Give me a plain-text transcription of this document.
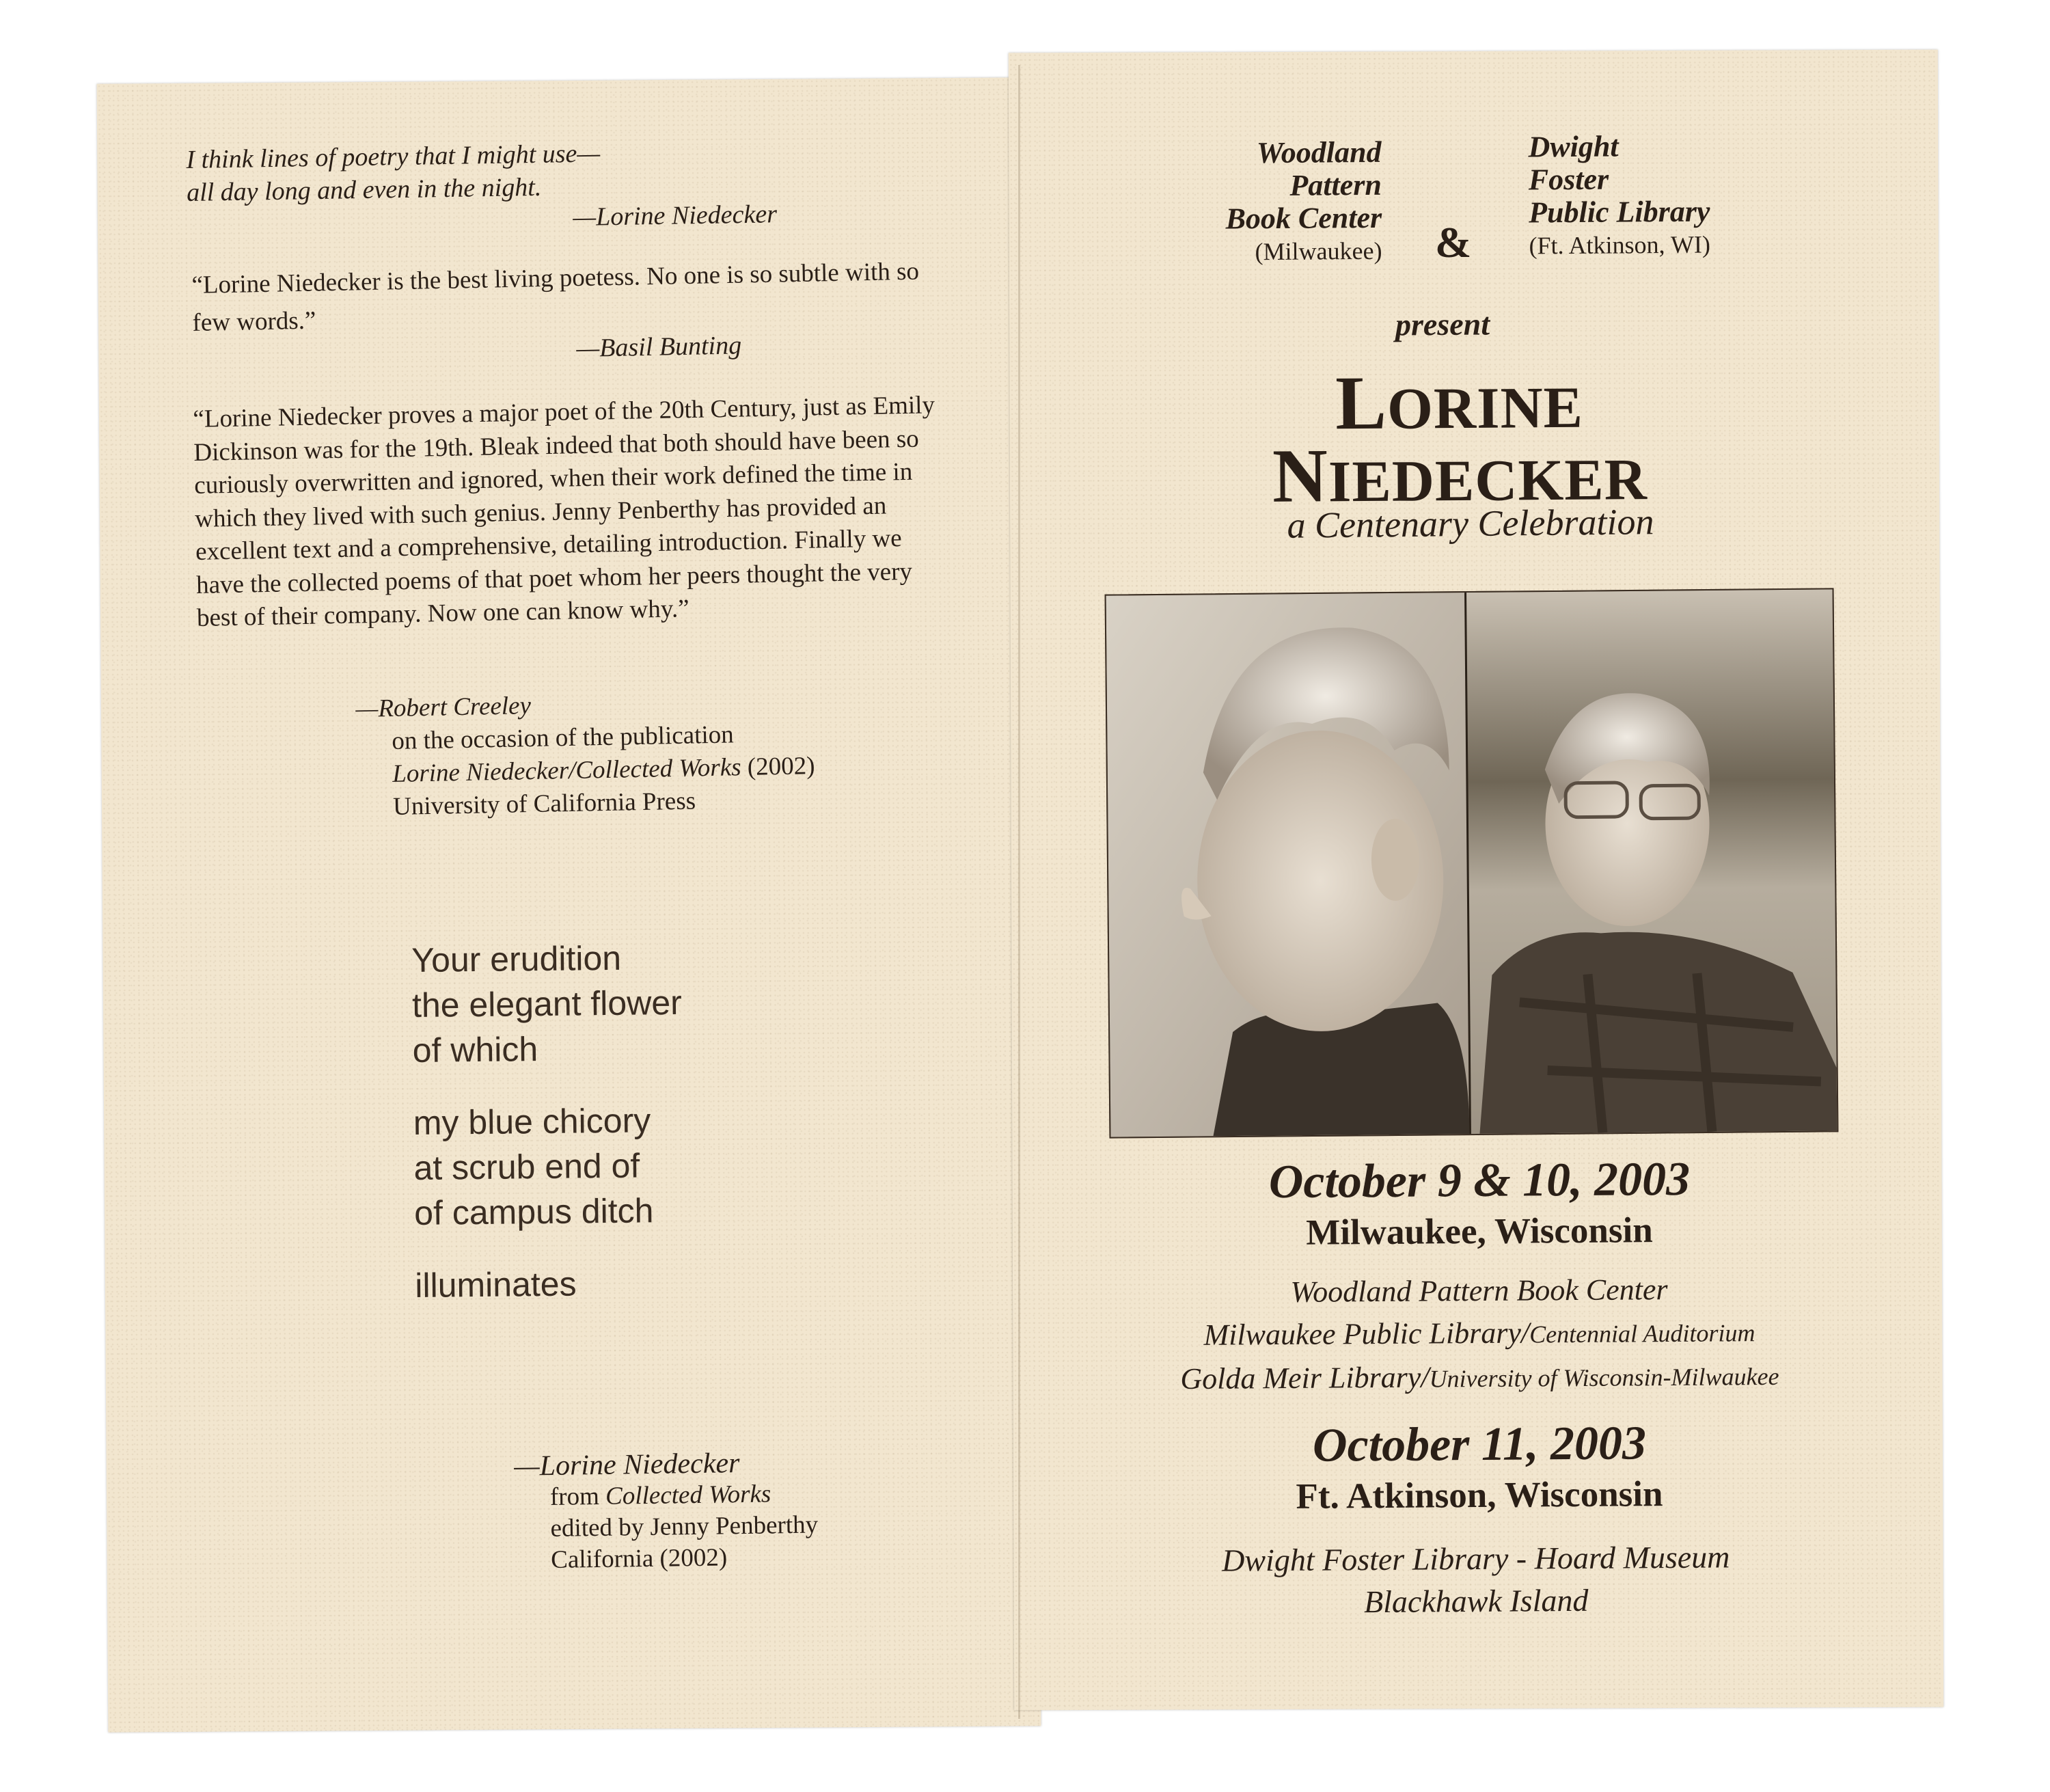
I think lines of poetry that I might use—
all day long and even in the night.
—Lorine Niedecker
“Lorine Niedecker is the best living poetess. No one is so subtle with so few words.”
—Basil Bunting
“Lorine Niedecker proves a major poet of the 20th Century, just as Emily Dickinson was for the 19th. Bleak indeed that both should have been so curiously overwritten and ignored, when their work defined the time in which they lived with such genius. Jenny Penberthy has provided an excellent text and a comprehensive, detailing introduction. Finally we have the collected poems of that poet whom her peers thought the very best of their company. Now one can know why.”
—Robert Creeley
on the occasion of the publication
Lorine Niedecker/Collected Works (2002)
University of California Press

Your erudition
the elegant flower
of which

my blue chicory
at scrub end of
of campus ditch

illuminates

—Lorine Niedecker
from Collected Works
edited by Jenny Penberthy
California (2002)
Woodland
Pattern
Book Center
(Milwaukee) &
Dwight
Foster
Public Library
(Ft. Atkinson, WI)
present
LORINE
NIEDECKER
a Centenary Celebration
October 9 & 10, 2003
Milwaukee, Wisconsin
Woodland Pattern Book Center
Milwaukee Public Library/Centennial Auditorium
Golda Meir Library/University of Wisconsin-Milwaukee
October 11, 2003
Ft. Atkinson, Wisconsin
Dwight Foster Library - Hoard Museum
Blackhawk Island
